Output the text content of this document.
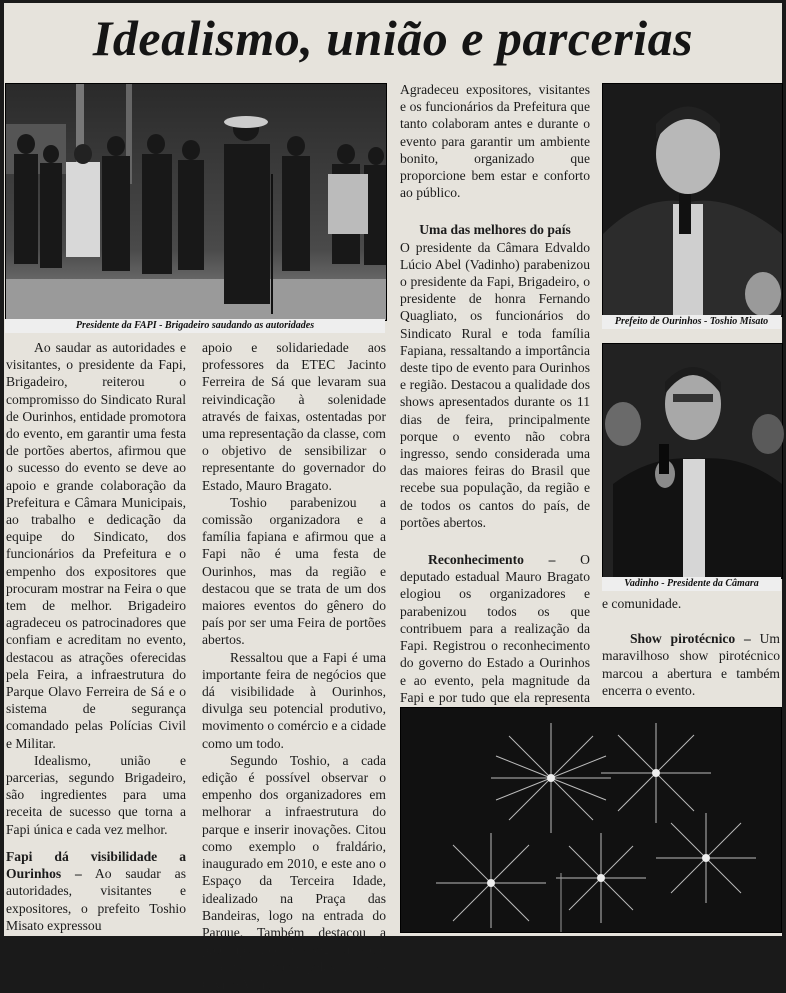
Idealismo, união e parcerias
Presidente da FAPI - Brigadeiro saudando as autoridades

Ao saudar as autoridades e visitantes, o presidente da Fapi, Brigadeiro, reiterou o compromisso do Sindicato Rural de Ourinhos, entidade promotora do evento, em garantir uma festa de portões abertos, afirmou que o sucesso do evento se deve ao apoio e grande colaboração da Prefeitura e Câmara Municipais, ao trabalho e dedicação da equipe do Sindicato, dos funcionários da Prefeitura e o empenho dos expositores que procuram mostrar na Feira o que tem de melhor. Brigadeiro agradeceu os patrocinadores que confiam e acreditam no evento, destacou as atrações oferecidas pela Feira, a infraestrutura do Parque Olavo Ferreira de Sá e o sistema de segurança comandado pelas Polícias Civil e Militar.

Idealismo, união e parcerias, segundo Brigadeiro, são ingredientes para uma receita de sucesso que torna a Fapi única e cada vez melhor.

Fapi dá visibilidade a Ourinhos – Ao saudar as autoridades, visitantes e expositores, o prefeito Toshio Misato expressou

apoio e solidariedade aos professores da ETEC Jacinto Ferreira de Sá que levaram sua reivindicação à solenidade através de faixas, ostentadas por uma representação da classe, com o objetivo de sensibilizar o representante do governador do Estado, Mauro Bragato.

Toshio parabenizou a comissão organizadora e a família fapiana e afirmou que a Fapi não é uma festa de Ourinhos, mas da região e destacou que se trata de um dos maiores eventos do gênero do país por ser uma Feira de portões abertos.

Ressaltou que a Fapi é uma importante feira de negócios que dá visibilidade à Ourinhos, divulga seu potencial produtivo, movimento o comércio e a cidade como um todo.

Segundo Toshio, a cada edição é possível observar o empenho dos organizadores em melhorar a infraestrutura do parque e inserir inovações. Citou como exemplo o fraldário, inaugurado em 2010, e este ano o Espaço da Terceira Idade, idealizado na Praça das Bandeiras, logo na entrada do Parque. Também destacou a preocupação com a segurança e o sistema montado pelas Polícias Civil e Militar.

Agradeceu expositores, visitantes e os funcionários da Prefeitura que tanto colaboram antes e durante o evento para garantir um ambiente bonito, organizado que proporcione bem estar e conforto ao público.

Uma das melhores do país

O presidente da Câmara Edvaldo Lúcio Abel (Vadinho) parabenizou o presidente da Fapi, Brigadeiro, o presidente de honra Fernando Quagliato, os funcionários do Sindicato Rural e toda família Fapiana, ressaltando a importância deste tipo de evento para Ourinhos e região. Destacou a qualidade dos shows apresentados durante os 11 dias de feira, principalmente porque o evento não cobra ingresso, sendo considerada uma das maiores feiras do Brasil que recebe sua população, da região e de todos os cantos do país, de portões abertos.

Reconhecimento – O deputado estadual Mauro Bragato elogiou os organizadores e parabenizou todos os que contribuem para a realização da Fapi. Registrou o reconhecimento do governo do Estado a Ourinhos e ao evento, pela magnitude da Fapi e por tudo que ela representa

Prefeito de Ourinhos - Toshio Misato
Vadinho - Presidente da Câmara

e comunidade.

Show pirotécnico – Um maravilhoso show pirotécnico marcou a abertura e também encerra o evento.
